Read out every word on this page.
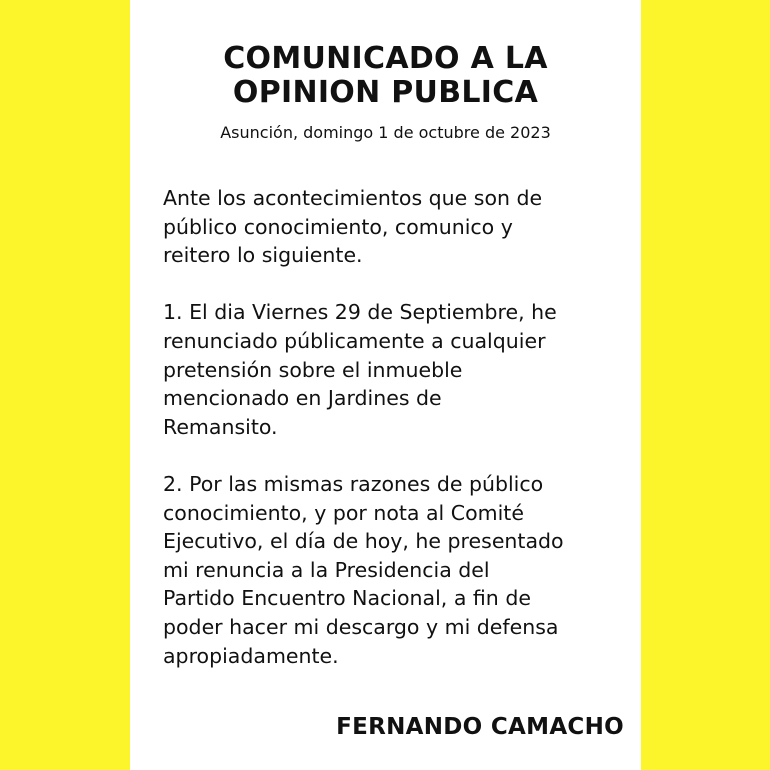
COMUNICADO A LA
OPINION PUBLICA

Asunción, domingo 1 de octubre de 2023

Ante los acontecimientos que son de
público conocimiento, comunico y
reitero lo siguiente.
1. El dia Viernes 29 de Septiembre, he
renunciado públicamente a cualquier
pretensión sobre el inmueble
mencionado en Jardines de
Remansito.
2. Por las mismas razones de público
conocimiento, y por nota al Comité
Ejecutivo, el día de hoy, he presentado
mi renuncia a la Presidencia del
Partido Encuentro Nacional, a fin de
poder hacer mi descargo y mi defensa
apropiadamente.

FERNANDO CAMACHO
